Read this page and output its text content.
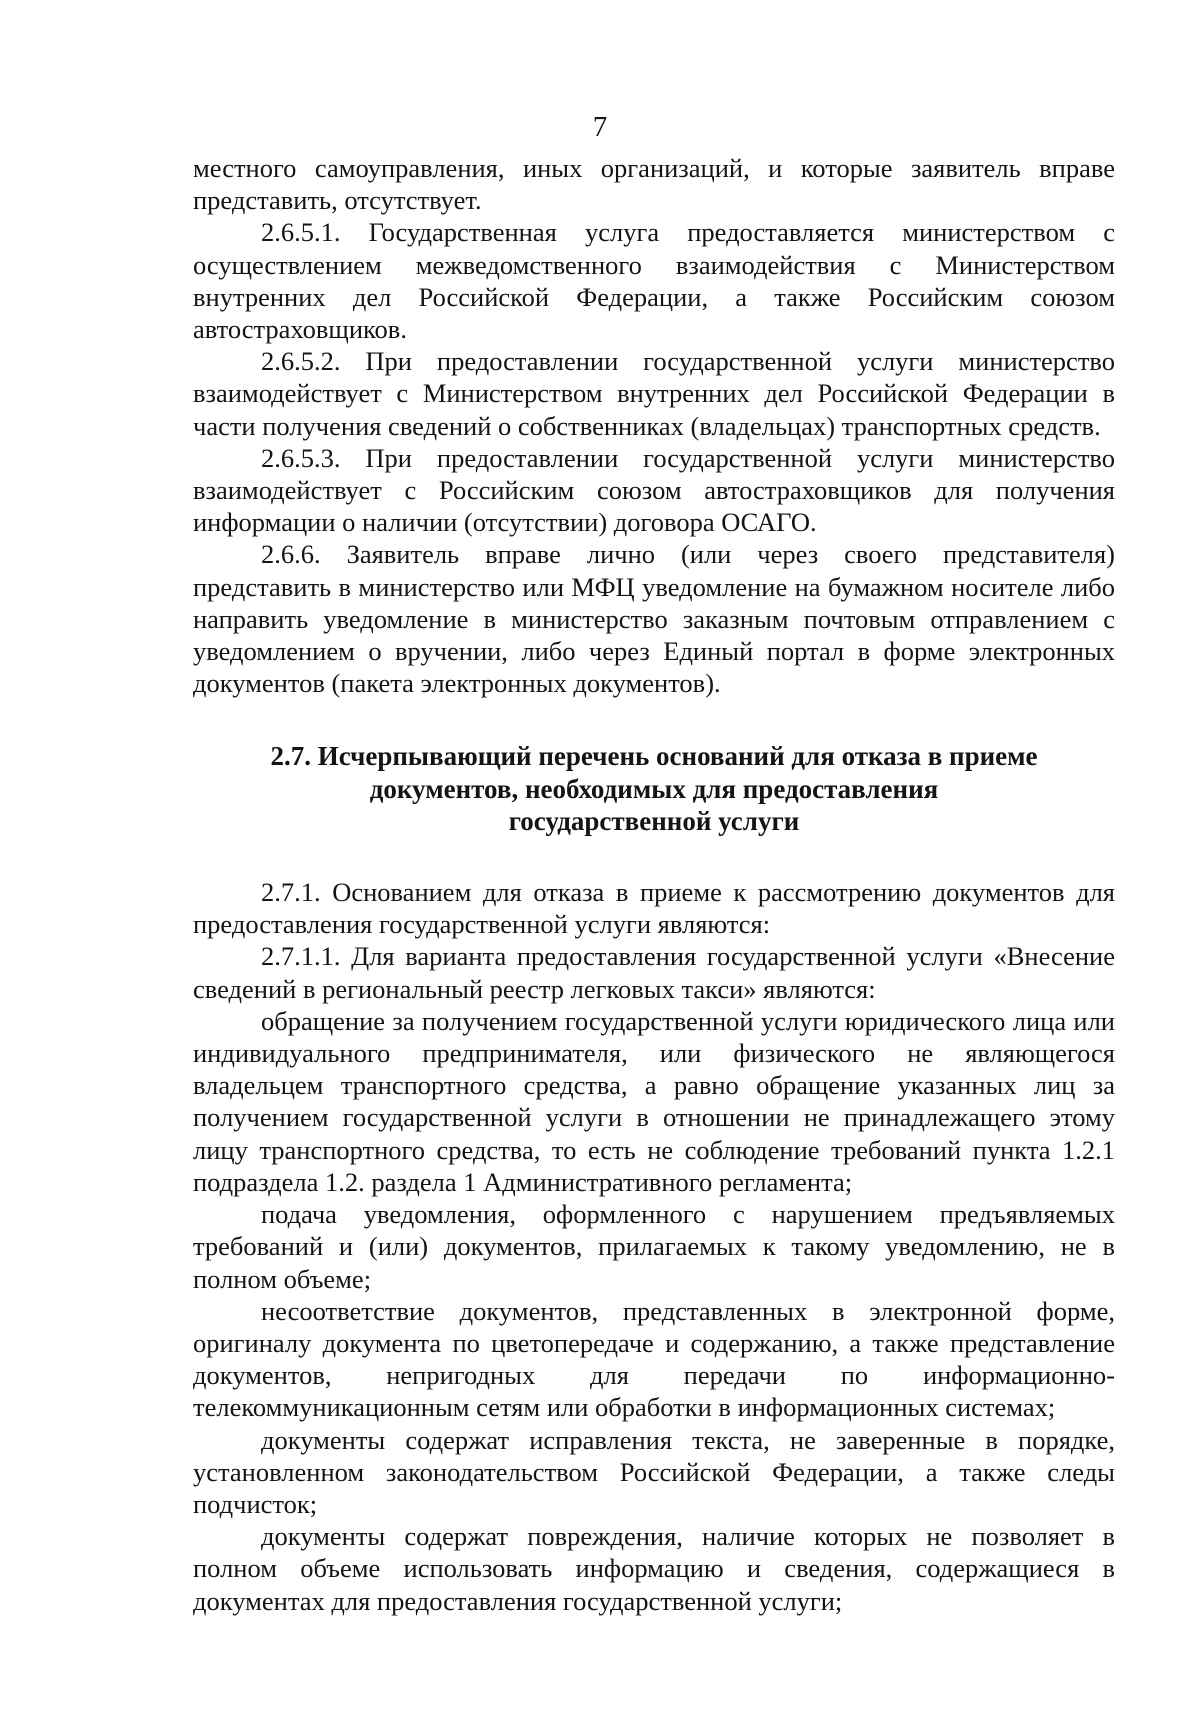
7

местного самоуправления, иных организаций, и которые заявитель вправе представить, отсутствует.

2.6.5.1. Государственная услуга предоставляется министерством с осуществлением межведомственного взаимодействия с Министерством внутренних дел Российской Федерации, а также Российским союзом автостраховщиков.

2.6.5.2. При предоставлении государственной услуги министерство взаимодействует с Министерством внутренних дел Российской Федерации в части получения сведений о собственниках (владельцах) транспортных средств.

2.6.5.3. При предоставлении государственной услуги министерство взаимодействует с Российским союзом автостраховщиков для получения информации о наличии (отсутствии) договора ОСАГО.

2.6.6. Заявитель вправе лично (или через своего представителя) представить в министерство или МФЦ уведомление на бумажном носителе либо направить уведомление в министерство заказным почтовым отправлением с уведомлением о вручении, либо через Единый портал в форме электронных документов (пакета электронных документов).

2.7. Исчерпывающий перечень оснований для отказа в приеме
документов, необходимых для предоставления
государственной услуги

2.7.1. Основанием для отказа в приеме к рассмотрению документов для предоставления государственной услуги являются:

2.7.1.1. Для варианта предоставления государственной услуги «Внесение сведений в региональный реестр легковых такси» являются:

обращение за получением государственной услуги юридического лица или индивидуального предпринимателя, или физического не являющегося владельцем транспортного средства, а равно обращение указанных лиц за получением государственной услуги в отношении не принадлежащего этому лицу транспортного средства, то есть не соблюдение требований пункта 1.2.1 подраздела 1.2. раздела 1 Административного регламента;

подача уведомления, оформленного с нарушением предъявляемых требований и (или) документов, прилагаемых к такому уведомлению, не в полном объеме;

несоответствие документов, представленных в электронной форме, оригиналу документа по цветопередаче и содержанию, а также представление документов, непригодных для передачи по информационно-телекоммуникационным сетям или обработки в информационных системах;

документы содержат исправления текста, не заверенные в порядке, установленном законодательством Российской Федерации, а также следы подчисток;

документы содержат повреждения, наличие которых не позволяет в полном объеме использовать информацию и сведения, содержащиеся в документах для предоставления государственной услуги;
